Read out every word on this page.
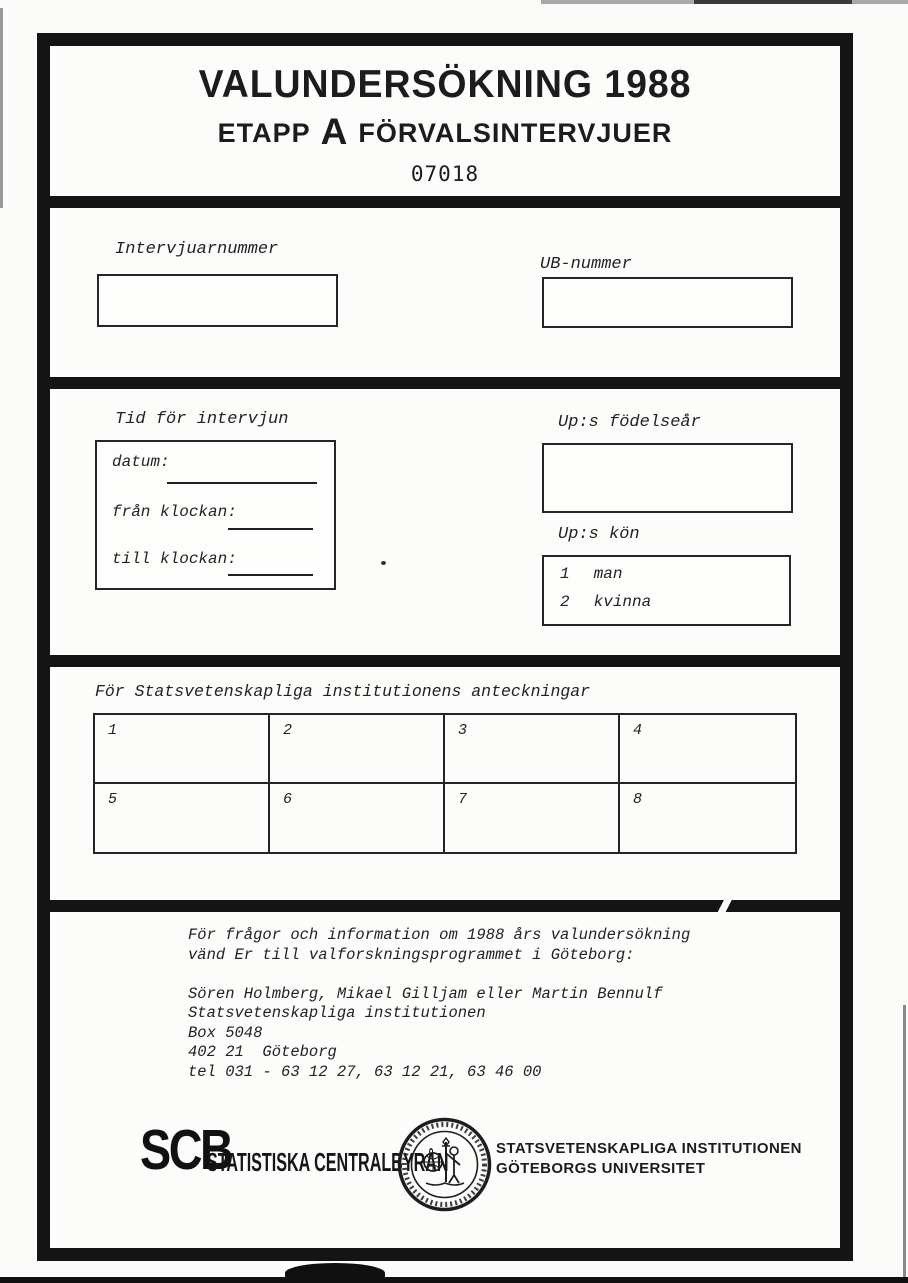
VALUNDERSÖKNING 1988
ETAPP A FÖRVALSINTERVJUER
07018
Intervjuarnummer
UB-nummer
Tid för intervjun
datum:
från klockan:
till klockan:
Up:s födelseår
Up:s kön
1 man
2 kvinna
För Statsvetenskapliga institutionens anteckningar
1	2	3	4
5	6	7	8
För frågor och information om 1988 års valundersökning
vänd Er till valforskningsprogrammet i Göteborg:
Sören Holmberg, Mikael Gilljam eller Martin Bennulf
Statsvetenskapliga institutionen
Box 5048
402 21  Göteborg
tel 031 - 63 12 27, 63 12 21, 63 46 00
SCB
STATISTISKA CENTRALBYRÅN	STATSVETENSKAPLIGA INSTITUTIONEN
GÖTEBORGS UNIVERSITET
